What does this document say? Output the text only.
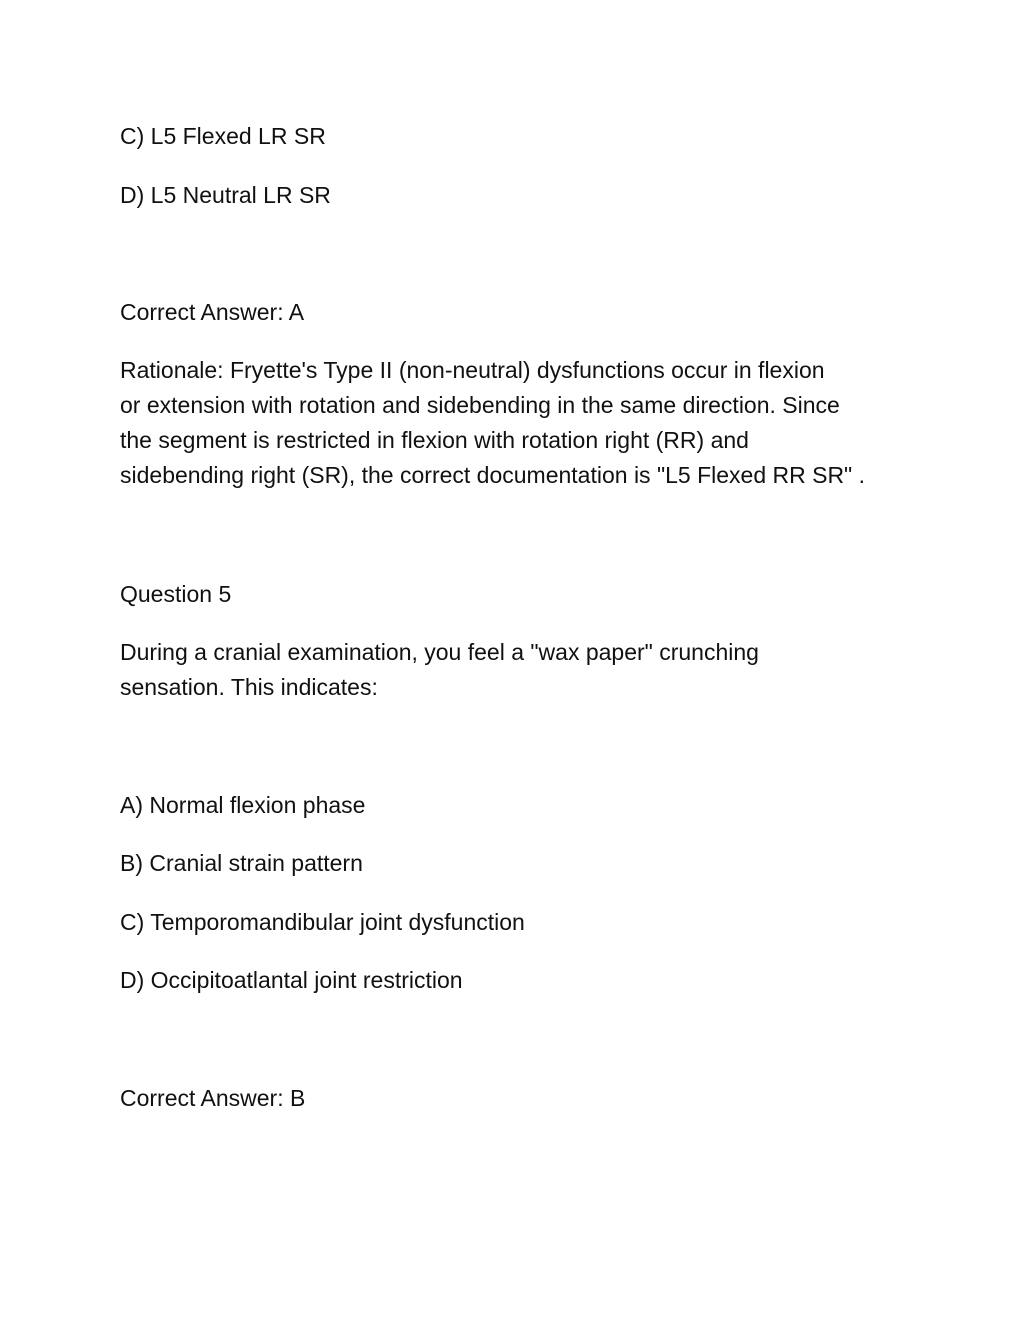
C) L5 Flexed LR SR

D) L5 Neutral LR SR

Correct Answer: A

Rationale: Fryette's Type II (non-neutral) dysfunctions occur in flexion
or extension with rotation and sidebending in the same direction. Since
the segment is restricted in flexion with rotation right (RR) and
sidebending right (SR), the correct documentation is "L5 Flexed RR SR" .

Question 5

During a cranial examination, you feel a "wax paper" crunching
sensation. This indicates:

A) Normal flexion phase

B) Cranial strain pattern

C) Temporomandibular joint dysfunction

D) Occipitoatlantal joint restriction

Correct Answer: B
